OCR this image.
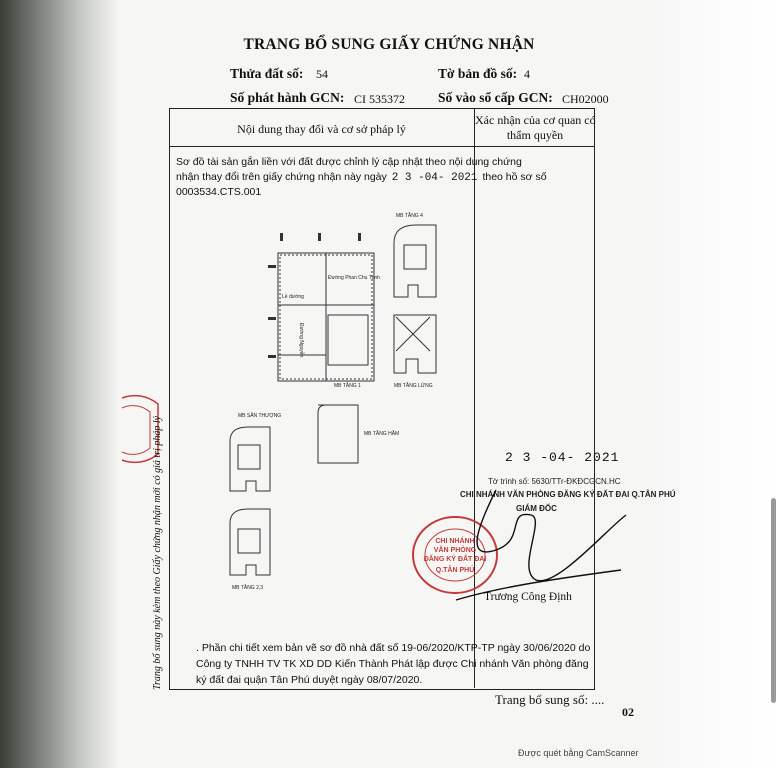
TRANG BỔ SUNG GIẤY CHỨNG NHẬN
Thửa đất số: 54	Tờ bản đồ số: 4
Số phát hành GCN: CI 535372 Số vào sổ cấp GCN: CH02000
Nội dung thay đổi và cơ sở pháp lý
Xác nhận của cơ quan có
thẩm quyền
Sơ đồ tài sản gắn liền với đất được chỉnh lý cập nhật theo nội dung chứng
nhận thay đổi trên giấy chứng nhận này ngày 2 3 -04- 2021 theo hồ sơ số
0003534.CTS.001
MB TẦNG 4
MB TẦNG 1	MB TẦNG LỬNG
MB SÂN THƯỢNG
MB TẦNG HẦM
MB TẦNG 2,3
Đường Phan Chu Trinh
Lề đường
Đường Nguyễn
2 3 -04- 2021
Tờ trình số: 5630/TTr-ĐKĐCGCN.HC
CHI NHÁNH VĂN PHÒNG ĐĂNG KÝ ĐẤT ĐAI Q.TÂN PHÚ
GIÁM ĐỐC
CHI NHÁNH
VĂN PHÒNG
ĐĂNG KÝ ĐẤT ĐAI
Q.TÂN PHÚ
Trương Công Định
Trang bổ sung này kèm theo Giấy chứng nhận mới có giá trị pháp lý	. Phần chi tiết xem bản vẽ sơ đồ nhà đất số 19-06/2020/KTP-TP ngày 30/06/2020 do
Công ty TNHH TV TK XD DD Kiến Thành Phát lập được Chi nhánh Văn phòng đăng
ký đất đai quận Tân Phú duyệt ngày 08/07/2020.
Trang bổ sung số: ....
02
Được quét bằng CamScanner
